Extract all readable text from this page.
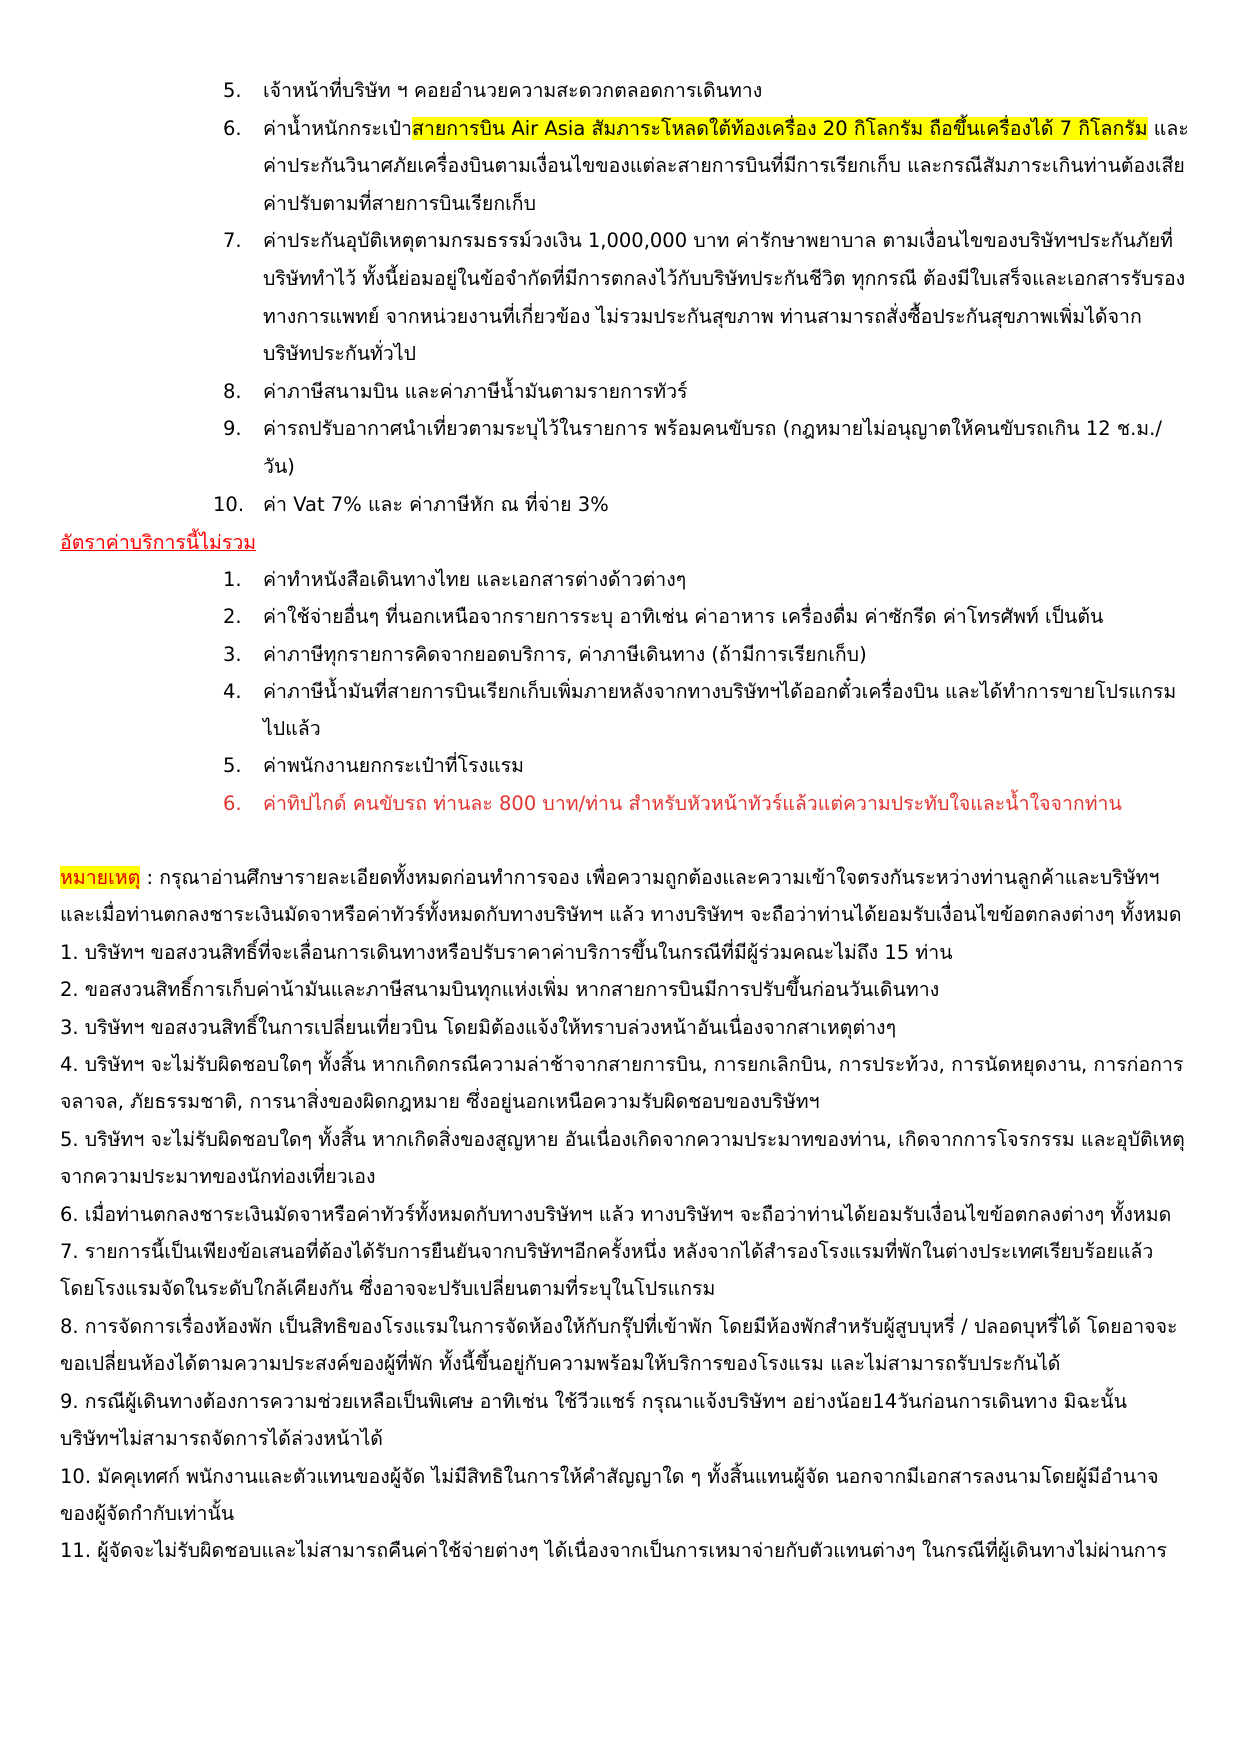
5. เจ้าหน้าที่บริษัท ฯ คอยอำนวยความสะดวกตลอดการเดินทาง
6. ค่าน้ำหนักกระเป๋าสายการบิน Air Asia สัมภาระโหลดใต้ท้องเครื่อง 20 กิโลกรัม ถือขึ้นเครื่องได้ 7 กิโลกรัม และค่าประกันวินาศภัยเครื่องบินตามเงื่อนไขของแต่ละสายการบินที่มีการเรียกเก็บ และกรณีสัมภาระเกินท่านต้องเสียค่าปรับตามที่สายการบินเรียกเก็บ
7. ค่าประกันอุบัติเหตุตามกรมธรรม์วงเงิน 1,000,000 บาท ค่ารักษาพยาบาล ตามเงื่อนไขของบริษัทฯประกันภัยที่บริษัททำไว้ ทั้งนี้ย่อมอยู่ในข้อจำกัดที่มีการตกลงไว้กับบริษัทประกันชีวิต ทุกกรณี ต้องมีใบเสร็จและเอกสารรับรองทางการแพทย์ จากหน่วยงานที่เกี่ยวข้อง ไม่รวมประกันสุขภาพ ท่านสามารถสั่งซื้อประกันสุขภาพเพิ่มได้จากบริษัทประกันทั่วไป
8. ค่าภาษีสนามบิน และค่าภาษีน้ำมันตามรายการทัวร์
9. ค่ารถปรับอากาศนำเที่ยวตามระบุไว้ในรายการ พร้อมคนขับรถ (กฎหมายไม่อนุญาตให้คนขับรถเกิน 12 ช.ม./วัน)
10. ค่า Vat 7% และ ค่าภาษีหัก ณ ที่จ่าย 3%
อัตราค่าบริการนี้ไม่รวม
1. ค่าทำหนังสือเดินทางไทย และเอกสารต่างด้าวต่างๆ
2. ค่าใช้จ่ายอื่นๆ ที่นอกเหนือจากรายการระบุ อาทิเช่น ค่าอาหาร เครื่องดื่ม ค่าซักรีด ค่าโทรศัพท์ เป็นต้น
3. ค่าภาษีทุกรายการคิดจากยอดบริการ, ค่าภาษีเดินทาง (ถ้ามีการเรียกเก็บ)
4. ค่าภาษีน้ำมันที่สายการบินเรียกเก็บเพิ่มภายหลังจากทางบริษัทฯได้ออกตั๋วเครื่องบิน และได้ทำการขายโปรแกรมไปแล้ว
5. ค่าพนักงานยกกระเป๋าที่โรงแรม
6. ค่าทิปไกด์ คนขับรถ ท่านละ 800 บาท/ท่าน สำหรับหัวหน้าทัวร์แล้วแต่ความประทับใจและน้ำใจจากท่าน

หมายเหตุ : กรุณาอ่านศึกษารายละเอียดทั้งหมดก่อนทำการจอง เพื่อความถูกต้องและความเข้าใจตรงกันระหว่างท่านลูกค้าและบริษัทฯ และเมื่อท่านตกลงชาระเงินมัดจาหรือค่าทัวร์ทั้งหมดกับทางบริษัทฯ แล้ว ทางบริษัทฯ จะถือว่าท่านได้ยอมรับเงื่อนไขข้อตกลงต่างๆ ทั้งหมด

1. บริษัทฯ ขอสงวนสิทธิ์ที่จะเลื่อนการเดินทางหรือปรับราคาค่าบริการขึ้นในกรณีที่มีผู้ร่วมคณะไม่ถึง 15 ท่าน

2. ขอสงวนสิทธิ์การเก็บค่าน้ามันและภาษีสนามบินทุกแห่งเพิ่ม หากสายการบินมีการปรับขึ้นก่อนวันเดินทาง

3. บริษัทฯ ขอสงวนสิทธิ์ในการเปลี่ยนเที่ยวบิน โดยมิต้องแจ้งให้ทราบล่วงหน้าอันเนื่องจากสาเหตุต่างๆ

4. บริษัทฯ จะไม่รับผิดชอบใดๆ ทั้งสิ้น หากเกิดกรณีความล่าช้าจากสายการบิน, การยกเลิกบิน, การประท้วง, การนัดหยุดงาน, การก่อการจลาจล, ภัยธรรมชาติ, การนาสิ่งของผิดกฎหมาย ซึ่งอยู่นอกเหนือความรับผิดชอบของบริษัทฯ

5. บริษัทฯ จะไม่รับผิดชอบใดๆ ทั้งสิ้น หากเกิดสิ่งของสูญหาย อันเนื่องเกิดจากความประมาทของท่าน, เกิดจากการโจรกรรม และอุบัติเหตุจากความประมาทของนักท่องเที่ยวเอง

6. เมื่อท่านตกลงชาระเงินมัดจาหรือค่าทัวร์ทั้งหมดกับทางบริษัทฯ แล้ว ทางบริษัทฯ จะถือว่าท่านได้ยอมรับเงื่อนไขข้อตกลงต่างๆ ทั้งหมด

7. รายการนี้เป็นเพียงข้อเสนอที่ต้องได้รับการยืนยันจากบริษัทฯอีกครั้งหนึ่ง หลังจากได้สำรองโรงแรมที่พักในต่างประเทศเรียบร้อยแล้ว โดยโรงแรมจัดในระดับใกล้เคียงกัน ซึ่งอาจจะปรับเปลี่ยนตามที่ระบุในโปรแกรม

8. การจัดการเรื่องห้องพัก เป็นสิทธิของโรงแรมในการจัดห้องให้กับกรุ๊ปที่เข้าพัก โดยมีห้องพักสำหรับผู้สูบบุหรี่ / ปลอดบุหรี่ได้ โดยอาจจะขอเปลี่ยนห้องได้ตามความประสงค์ของผู้ที่พัก ทั้งนี้ขึ้นอยู่กับความพร้อมให้บริการของโรงแรม และไม่สามารถรับประกันได้

9. กรณีผู้เดินทางต้องการความช่วยเหลือเป็นพิเศษ อาทิเช่น ใช้วีวแชร์ กรุณาแจ้งบริษัทฯ อย่างน้อย14วันก่อนการเดินทาง มิฉะนั้นบริษัทฯไม่สามารถจัดการได้ล่วงหน้าได้

10. มัคคุเทศก์ พนักงานและตัวแทนของผู้จัด ไม่มีสิทธิในการให้คำสัญญาใด ๆ ทั้งสิ้นแทนผู้จัด นอกจากมีเอกสารลงนามโดยผู้มีอำนาจของผู้จัดกำกับเท่านั้น

11. ผู้จัดจะไม่รับผิดชอบและไม่สามารถคืนค่าใช้จ่ายต่างๆ ได้เนื่องจากเป็นการเหมาจ่ายกับตัวแทนต่างๆ ในกรณีที่ผู้เดินทางไม่ผ่านการ
